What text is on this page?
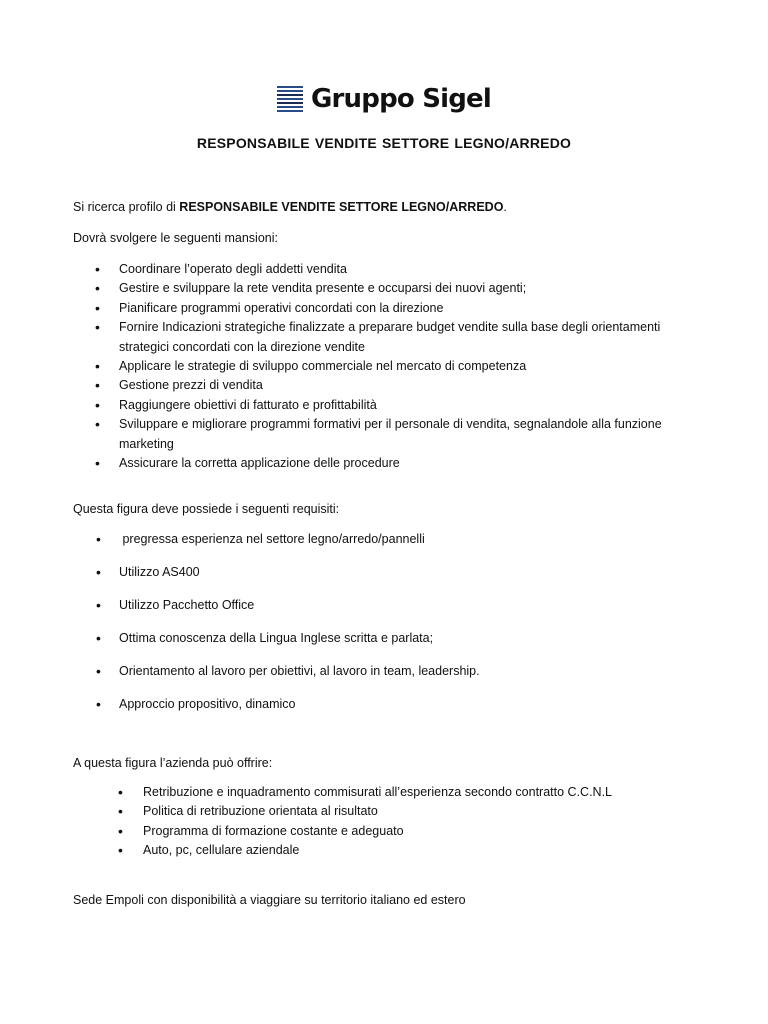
Gruppo Sigel
RESPONSABILE VENDITE SETTORE LEGNO/ARREDO
Si ricerca profilo di RESPONSABILE VENDITE SETTORE LEGNO/ARREDO.
Dovrà svolgere le seguenti mansioni:
• Coordinare l’operato degli addetti vendita
• Gestire e sviluppare la rete vendita presente e occuparsi dei nuovi agenti;
• Pianificare programmi operativi concordati con la direzione
• Fornire Indicazioni strategiche finalizzate a preparare budget vendite sulla base degli orientamenti
strategici concordati con la direzione vendite
• Applicare le strategie di sviluppo commerciale nel mercato di competenza
• Gestione prezzi di vendita
• Raggiungere obiettivi di fatturato e profittabilità
• Sviluppare e migliorare programmi formativi per il personale di vendita, segnalandole alla funzione
marketing
• Assicurare la corretta applicazione delle procedure
Questa figura deve possiede i seguenti requisiti:
• pregressa esperienza nel settore legno/arredo/pannelli
• Utilizzo AS400
• Utilizzo Pacchetto Office
• Ottima conoscenza della Lingua Inglese scritta e parlata;
• Orientamento al lavoro per obiettivi, al lavoro in team, leadership.
• Approccio propositivo, dinamico
A questa figura l’azienda può offrire:
• Retribuzione e inquadramento commisurati all’esperienza secondo contratto C.C.N.L
• Politica di retribuzione orientata al risultato
• Programma di formazione costante e adeguato
• Auto, pc, cellulare aziendale
Sede Empoli con disponibilità a viaggiare su territorio italiano ed estero
